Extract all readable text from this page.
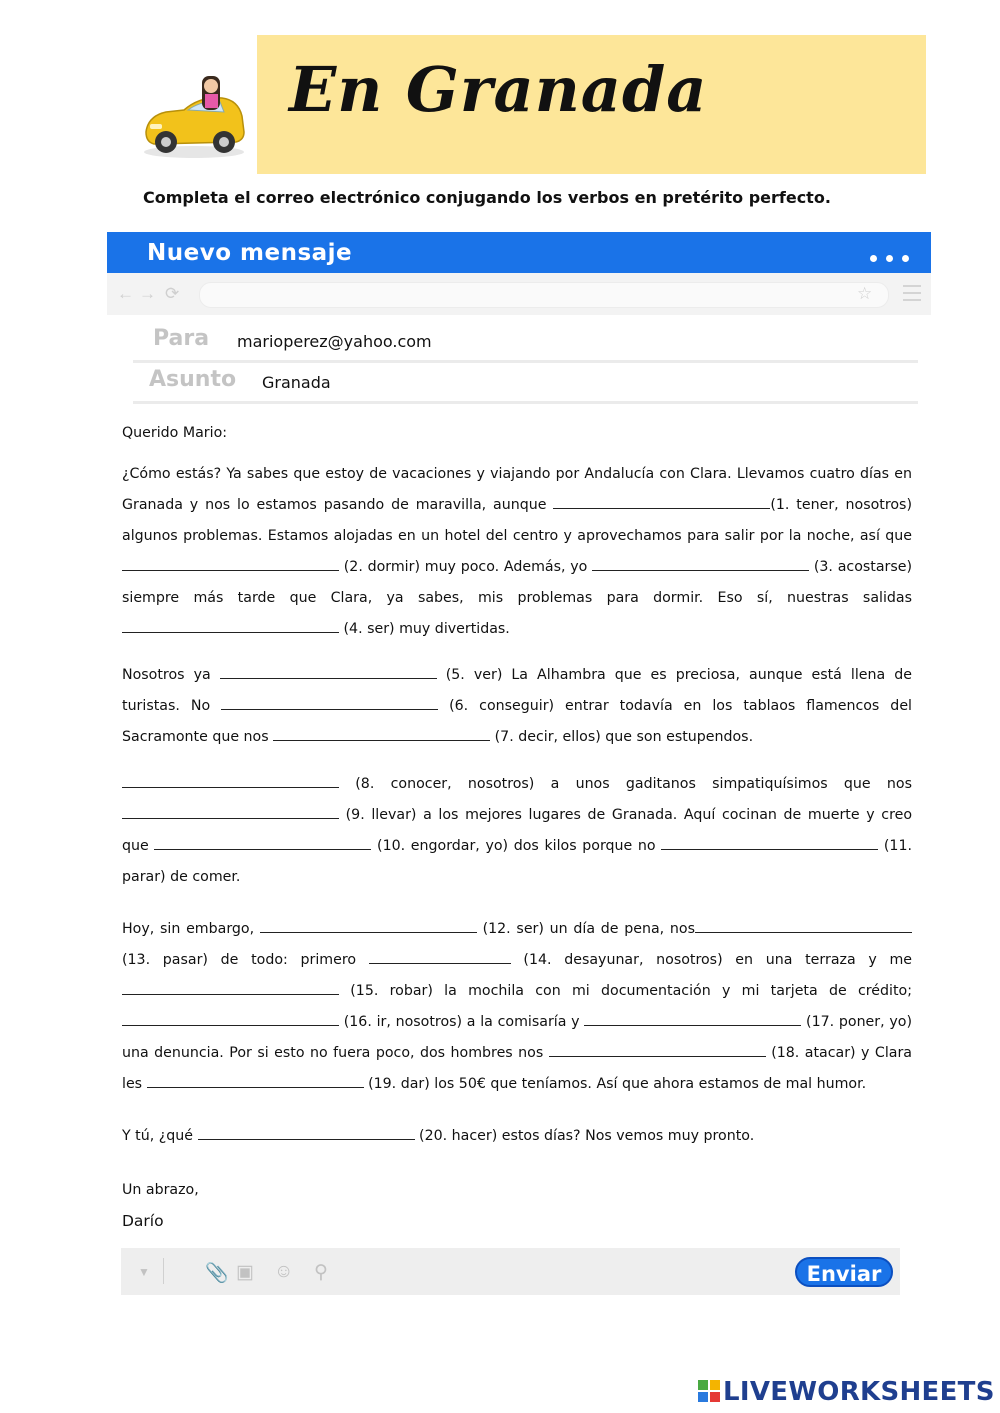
En Granada
Completa el correo electrónico conjugando los verbos en pretérito perfecto.
Nuevo mensaje
← → ⟳	☆
Para marioperez@yahoo.com
Asunto Granada
Querido Mario:
¿Cómo estás? Ya sabes que estoy de vacaciones y viajando por Andalucía con Clara. Llevamos cuatro días en Granada y nos lo estamos pasando de maravilla, aunque	(1. tener, nosotros) algunos problemas. Estamos alojadas en un hotel del centro y aprovechamos para salir por la noche, así que  (2. dormir) muy poco. Además, yo	(3. acostarse) siempre más tarde que Clara, ya sabes, mis problemas para dormir. Eso sí, nuestras salidas  (4. ser) muy divertidas.
Nosotros ya	(5. ver) La Alhambra que es preciosa, aunque está llena de turistas. No	(6. conseguir) entrar todavía en los tablaos flamencos del Sacramonte que nos	(7. decir, ellos) que son estupendos.
(8. conocer, nosotros) a unos gaditanos simpatiquísimos que nos  (9. llevar) a los mejores lugares de Granada. Aquí cocinan de muerte y creo que	(10. engordar, yo) dos kilos porque no	(11. parar) de comer.
Hoy, sin embargo,	(12. ser) un día de pena, nos (13. pasar) de todo: primero	(14. desayunar, nosotros) en una terraza y me  (15. robar) la mochila con mi documentación y mi tarjeta de crédito;  (16. ir, nosotros) a la comisaría y	(17. poner, yo) una denuncia. Por si esto no fuera poco, dos hombres nos	(18. atacar) y Clara les	(19. dar) los 50€ que teníamos. Así que ahora estamos de mal humor.
Y tú, ¿qué	(20. hacer) estos días? Nos vemos muy pronto.
Un abrazo,
Darío
▼	📎 ▣ ☺ ⚲	Enviar
LIVEWORKSHEETS
